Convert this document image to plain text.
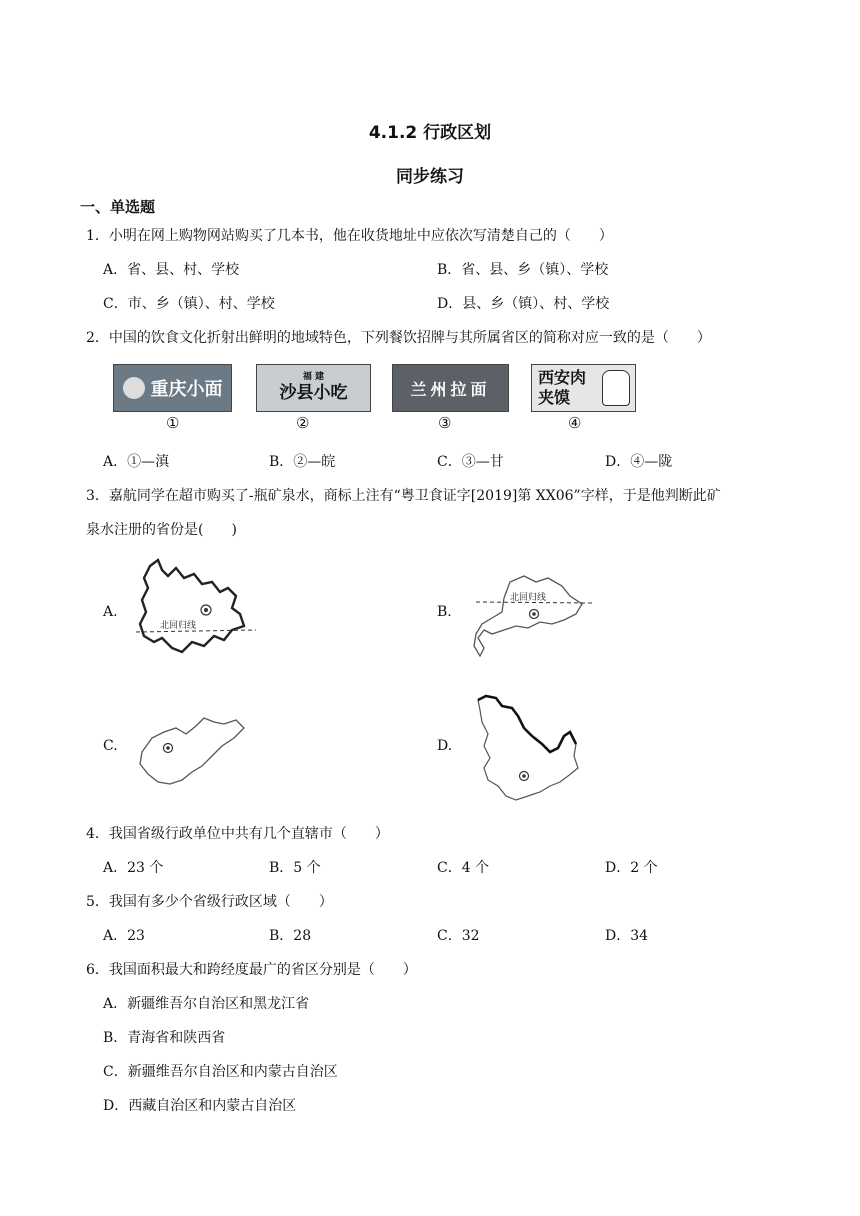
4.1.2 行政区划
同步练习
一、单选题
1．小明在网上购物网站购买了几本书，他在收货地址中应依次写清楚自己的（　　）
A．省、县、村、学校	B．省、县、乡（镇）、学校
C．市、乡（镇）、村、学校	D．县、乡（镇）、村、学校
2．中国的饮食文化折射出鲜明的地域特色，下列餐饮招牌与其所属省区的简称对应一致的是（　　）
重庆小面
①
福 建
沙县小吃
②
兰州拉面
③
西安肉夹馍
④
A．①—滇	B．②—皖	C．③—甘	D．④—陇
3．嘉航同学在超市购买了-瓶矿泉水，商标上注有“粤卫食证字[2019]第 XX06”字样，于是他判断此矿
泉水注册的省份是(　　)
A.
北回归线
B.
北回归线
C.	D.
4．我国省级行政单位中共有几个直辖市（　　）
A．23 个	B．5 个	C．4 个	D．2 个
5．我国有多少个省级行政区域（　　）
A．23	B．28	C．32	D．34
6．我国面积最大和跨经度最广的省区分别是（　　）
A．新疆维吾尔自治区和黑龙江省
B．青海省和陕西省
C．新疆维吾尔自治区和内蒙古自治区
D．西藏自治区和内蒙古自治区
